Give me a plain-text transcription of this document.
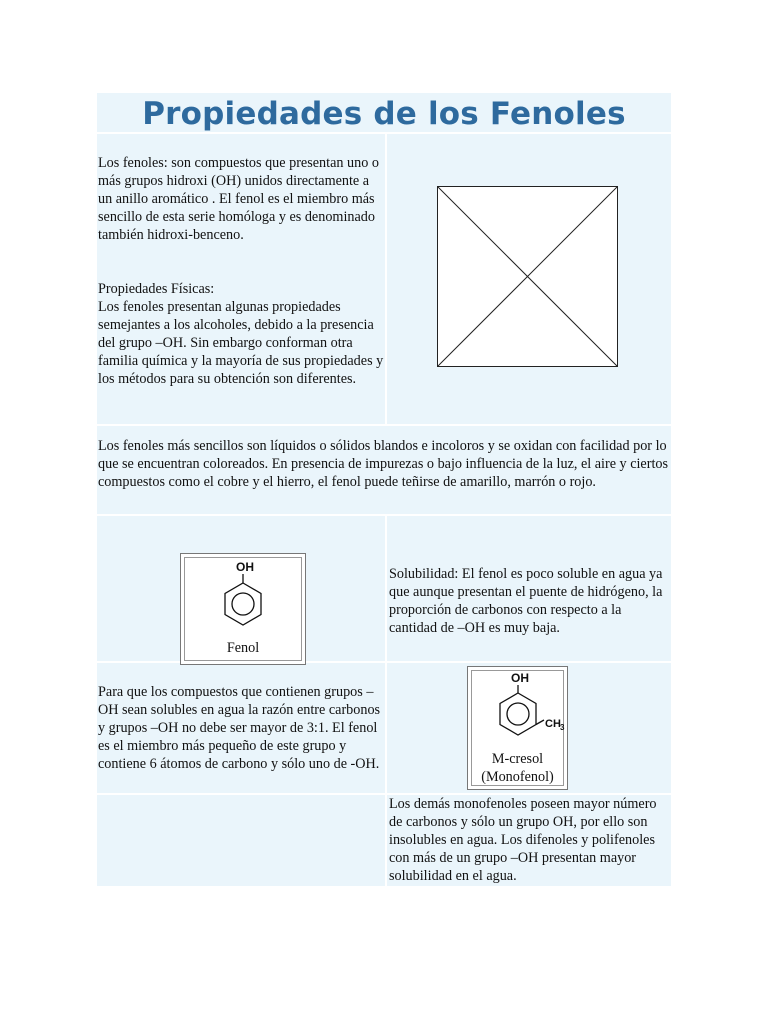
Propiedades de los Fenoles

Los fenoles: son compuestos que presentan uno o más grupos hidroxi (OH) unidos directamente a un anillo aromático . El fenol es el miembro más sencillo de esta serie homóloga y es denominado también hidroxi-benceno.

Propiedades Físicas:

Los fenoles presentan algunas propiedades semejantes a los alcoholes, debido a la presencia del grupo –OH. Sin embargo conforman otra familia química y la mayoría de sus propiedades y los métodos para su obtención son diferentes.

Los fenoles más sencillos son líquidos o sólidos blandos e incoloros y se oxidan con facilidad por lo que se encuentran coloreados. En presencia de impurezas o bajo influencia de la luz, el aire y ciertos compuestos como el cobre y el hierro, el fenol puede teñirse de amarillo, marrón o rojo.

OH
Fenol

Solubilidad: El fenol es poco soluble en agua ya que aunque presentan el puente de hidrógeno, la proporción de carbonos con respecto a la cantidad de –OH es muy baja.

Para que los compuestos que contienen grupos –OH sean solubles en agua la razón entre carbonos y grupos –OH no debe ser mayor de 3:1. El fenol es el miembro más pequeño de este grupo y contiene 6 átomos de carbono y sólo uno de -OH.

OH
CH 3
M-cresol
(Monofenol)

Los demás monofenoles poseen mayor número de carbonos y sólo un grupo OH, por ello son insolubles en agua. Los difenoles y polifenoles con más de un grupo –OH presentan mayor solubilidad en el agua.
